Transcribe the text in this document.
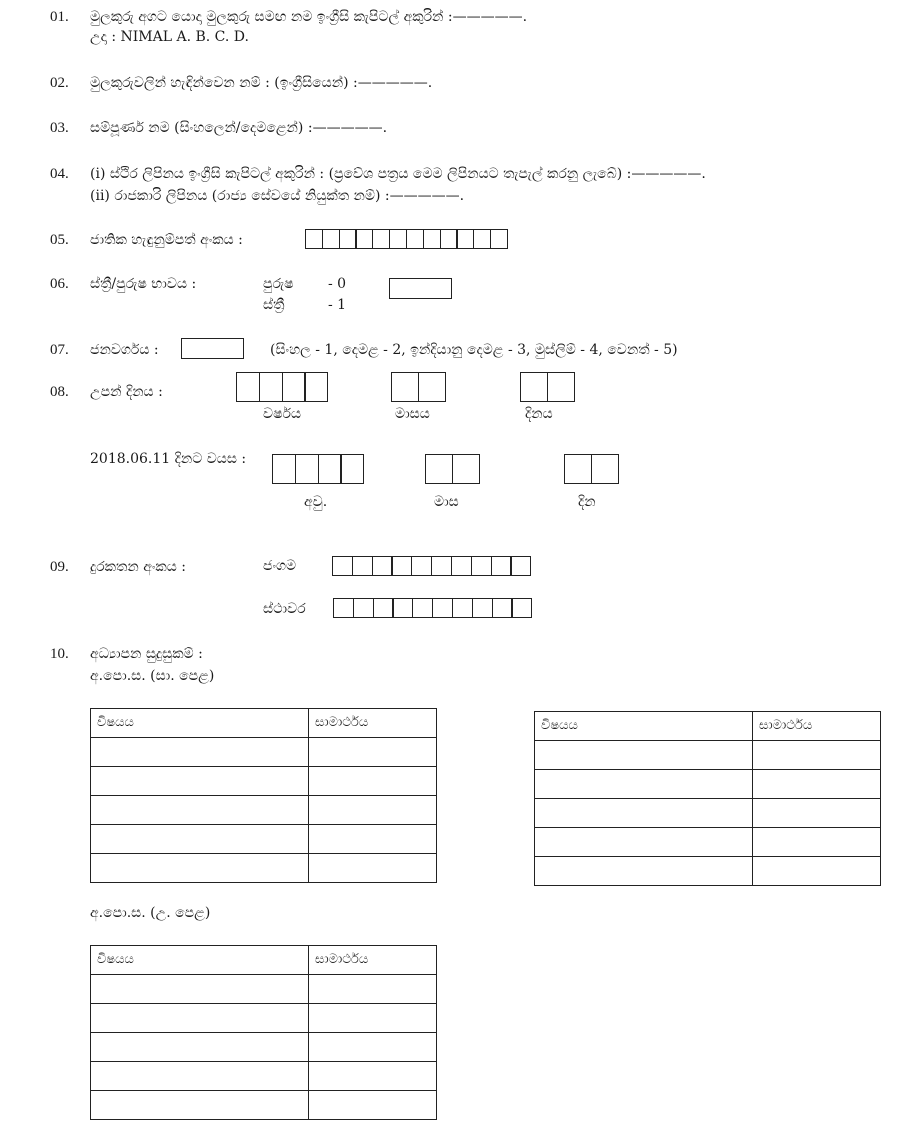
01. මුලකුරු අගට යොදා මුලකුරු සමඟ නම ඉංග්‍රීසි කැපිටල් අකුරින් :—————.
උදා : NIMAL A. B. C. D.
02. මුලකුරුවලින් හැඳින්වෙන නම් : (ඉංග්‍රීසියෙන්) :—————.
03. සම්පූර්ණ නම (සිංහලෙන්/දෙමළෙන්) :—————.
04. (i) ස්ථිර ලිපිනය ඉංග්‍රීසි කැපිටල් අකුරින් : (ප්‍රවේශ පත්‍රය මෙම ලිපිනයට තැපැල් කරනු ලැබේ) :—————.
(ii) රාජකාරි ලිපිනය (රාජ්‍ය සේවයේ නියුක්ත නම්) :—————.
05. ජාතික හැඳුනුම්පත් අංකය :
06. ස්ත්‍රී/පුරුෂ භාවය :	පුරුෂ - 0
ස්ත්‍රී	- 1
07. ජනවර්ගය :	(සිංහල - 1, දෙමළ - 2, ඉන්දියානු දෙමළ - 3, මුස්ලිම් - 4, වෙනත් - 5)
08. උපන් දිනය :
වර්ෂය	මාසය	දිනය
2018.06.11 දිනට වයස :
අවු.	මාස	දින
09. දුරකතන අංකය :	ජංගම
ස්ථාවර
10. අධ්‍යාපන සුදුසුකම් :
අ.පො.ස. (සා. පෙළ)
විෂයය	සාමාර්ථය

		විෂයය	සාමාර්ථය

අ.පො.ස. (උ. පෙළ)
විෂයය	සාමාර්ථය
